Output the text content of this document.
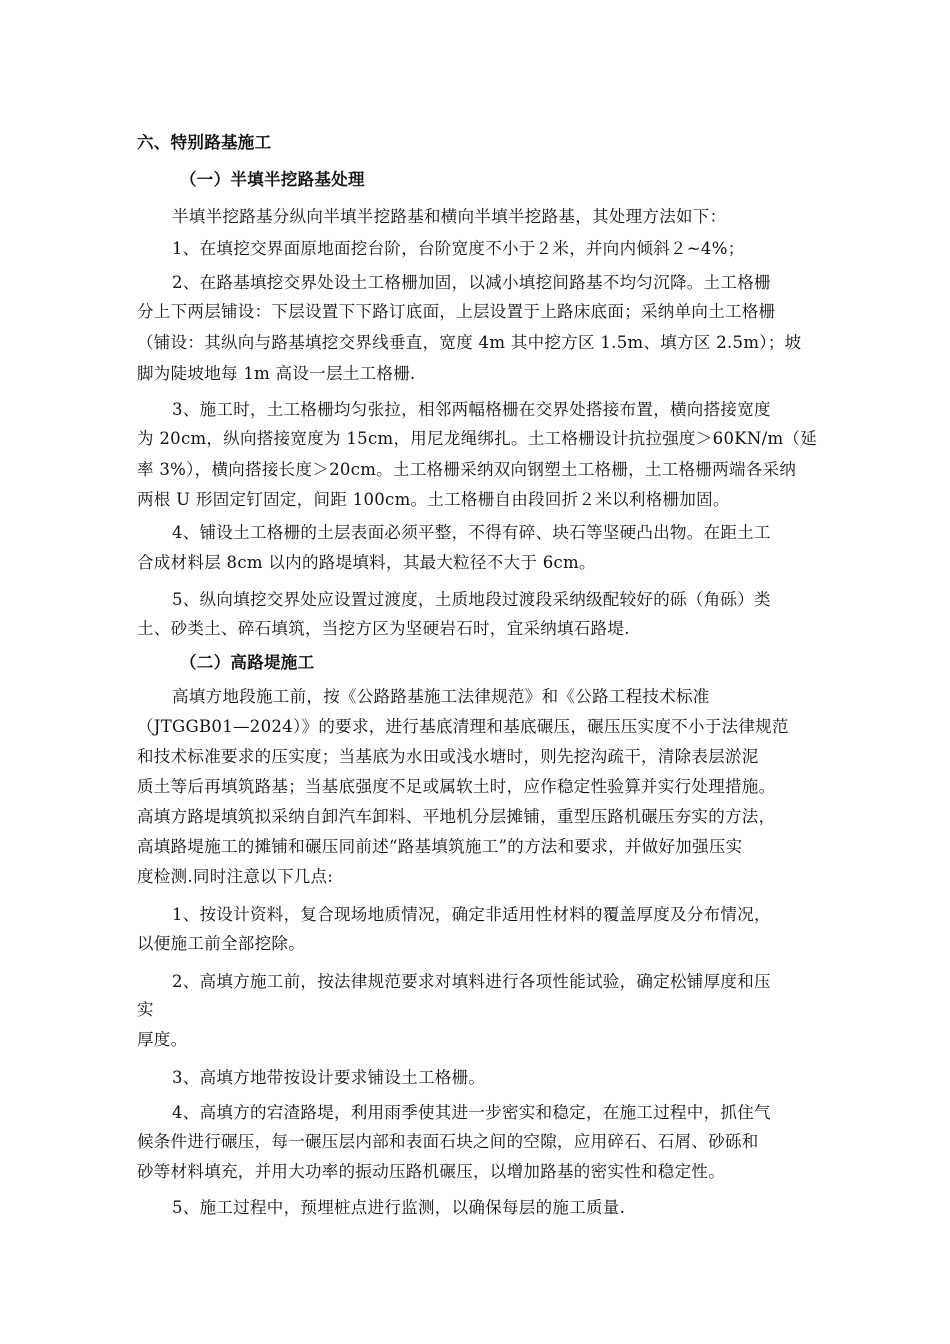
六、特别路基施工
（一）半填半挖路基处理
半填半挖路基分纵向半填半挖路基和横向半填半挖路基，其处理方法如下：
1、在填挖交界面原地面挖台阶，台阶宽度不小于２米，并向内倾斜２~4%；
2、在路基填挖交界处设土工格栅加固，以减小填挖间路基不均匀沉降。土工格栅
分上下两层铺设：下层设置下下路订底面，上层设置于上路床底面；采纳单向土工格栅
（铺设：其纵向与路基填挖交界线垂直，宽度 4m 其中挖方区 1.5m、填方区 2.5m）；坡
脚为陡坡地每 1m 高设一层土工格栅.
3、施工时，土工格栅均匀张拉，相邻两幅格栅在交界处搭接布置，横向搭接宽度
为 20cm，纵向搭接宽度为 15cm，用尼龙绳绑扎。土工格栅设计抗拉强度＞60KN/m（延
率 3%），横向搭接长度＞20cm。土工格栅采纳双向钢塑土工格栅，土工格栅两端各采纳
两根 U 形固定钉固定，间距 100cm。土工格栅自由段回折２米以利格栅加固。
4、铺设土工格栅的土层表面必须平整，不得有碎、块石等坚硬凸出物。在距土工
合成材料层 8cm 以内的路堤填料，其最大粒径不大于 6cm。
5、纵向填挖交界处应设置过渡度，土质地段过渡段采纳级配较好的砾（角砾）类
土、砂类土、碎石填筑，当挖方区为坚硬岩石时，宜采纳填石路堤.
（二）高路堤施工
高填方地段施工前，按《公路路基施工法律规范》和《公路工程技术标准
（JTGGB01—2024）》的要求，进行基底清理和基底碾压，碾压压实度不小于法律规范
和技术标准要求的压实度；当基底为水田或浅水塘时，则先挖沟疏干，清除表层淤泥
质土等后再填筑路基；当基底强度不足或属软土时，应作稳定性验算并实行处理措施。
高填方路堤填筑拟采纳自卸汽车卸料、平地机分层摊铺，重型压路机碾压夯实的方法，
高填路堤施工的摊铺和碾压同前述“路基填筑施工”的方法和要求，并做好加强压实
度检测.同时注意以下几点:
1、按设计资料，复合现场地质情况，确定非适用性材料的覆盖厚度及分布情况，
以便施工前全部挖除。
2、高填方施工前，按法律规范要求对填料进行各项性能试验，确定松铺厚度和压
实
厚度。
3、高填方地带按设计要求铺设土工格栅。
4、高填方的宕渣路堤，利用雨季使其进一步密实和稳定，在施工过程中，抓住气
候条件进行碾压，每一碾压层内部和表面石块之间的空隙，应用碎石、石屑、砂砾和
砂等材料填充，并用大功率的振动压路机碾压，以增加路基的密实性和稳定性。
5、施工过程中，预埋桩点进行监测，以确保每层的施工质量.
